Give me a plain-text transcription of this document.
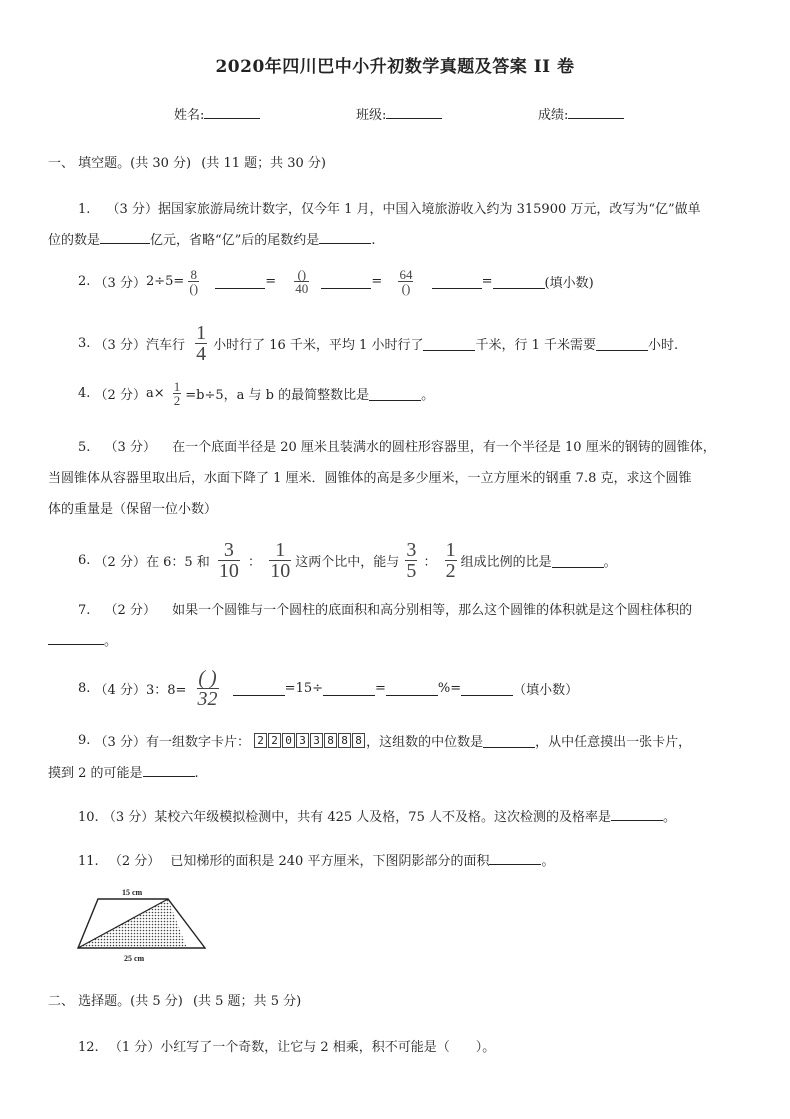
2020年四川巴中小升初数学真题及答案 II 卷
姓名:	班级:	成绩:
一、 填空题。(共 30 分) (共 11 题；共 30 分)
1. （3 分）据国家旅游局统计数字，仅今年 1 月，中国入境旅游收入约为 315900 万元，改写为“亿”做单
位的数是	亿元，省略“亿”后的尾数约是	.
2. （3 分）$2\div 5= \frac{8}{()}$	= $\frac{()}{40}$	= $\frac{64}{()}$	=	(填小数)
3. （3 分）汽车行 $\frac{1}{4}$ 小时行了 16 千米，平均 1 小时行了	千米，行 1 千米需要	小时.
4. （2 分）$a\times \frac{1}{2} =b\div 5$，a 与 b 的最简整数比是	。
5. （3 分） 在一个底面半径是 20 厘米且装满水的圆柱形容器里，有一个半径是 10 厘米的钢铸的圆锥体，
当圆锥体从容器里取出后，水面下降了 1 厘米．圆锥体的高是多少厘米，一立方厘米的钢重 7.8 克，求这个圆锥
体的重量是（保留一位小数）
6. （2 分）在 6：5 和 $\frac{3}{10}$ ： $\frac{1}{10}$ 这两个比中，能与 $\frac{3}{5}$ ： $\frac{1}{2}$ 组成比例的比是	。
7. （2 分） 如果一个圆锥与一个圆柱的底面积和高分别相等，那么这个圆锥的体积就是这个圆柱体积的
。
8. （4 分）3：$8= \frac{( )}{32}$	=15÷	=	%=	（填小数）
9. （3 分）有一组数字卡片： 2 2 0 3 3 8 8 8 ，这组数的中位数是	，从中任意摸出一张卡片，
摸到 2 的可能是	.
10. （3 分）某校六年级模拟检测中，共有 425 人及格，75 人不及格。这次检测的及格率是	。
11. （2 分） 已知梯形的面积是 240 平方厘米，下图阴影部分的面积	。
15 cm
25 cm
二、 选择题。(共 5 分) (共 5 题；共 5 分)
12. （1 分）小红写了一个奇数，让它与 2 相乘，积不可能是（　　）。
